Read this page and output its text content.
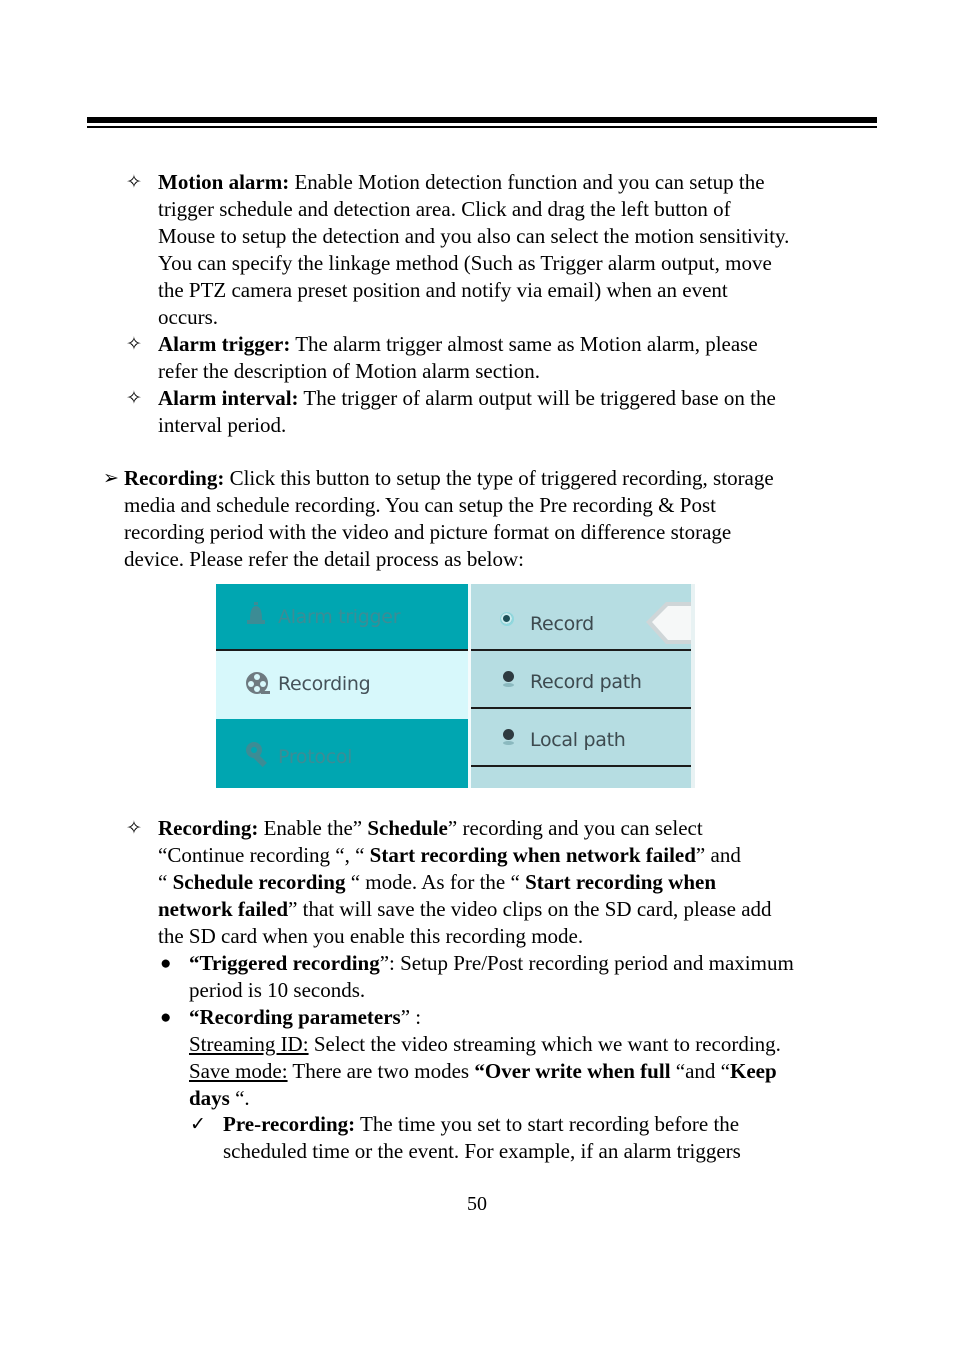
✧ Motion alarm: Enable Motion detection function and you can setup the
trigger schedule and detection area. Click and drag the left button of
Mouse to setup the detection and you also can select the motion sensitivity.
You can specify the linkage method (Such as Trigger alarm output, move
the PTZ camera preset position and notify via email) when an event
occurs.
✧ Alarm trigger: The alarm trigger almost same as Motion alarm, please
refer the description of Motion alarm section.
✧ Alarm interval: The trigger of alarm output will be triggered base on the
interval period.
➢ Recording: Click this button to setup the type of triggered recording, storage
media and schedule recording. You can setup the Pre recording & Post
recording period with the video and picture format on difference storage
device. Please refer the detail process as below:
Alarm trigger
Recording
Protocol
Record
Record path
Local path
✧ Recording: Enable the” Schedule” recording and you can select
“Continue recording “, “ Start recording when network failed” and
“ Schedule recording “ mode. As for the “ Start recording when
network failed” that will save the video clips on the SD card, please add
the SD card when you enable this recording mode.
● “Triggered recording”: Setup Pre/Post recording period and maximum
period is 10 seconds.
● “Recording parameters” :
Streaming ID: Select the video streaming which we want to recording.
Save mode: There are two modes “Over write when full “and “Keep
days “.
✓ Pre-recording: The time you set to start recording before the
scheduled time or the event. For example, if an alarm triggers
50
